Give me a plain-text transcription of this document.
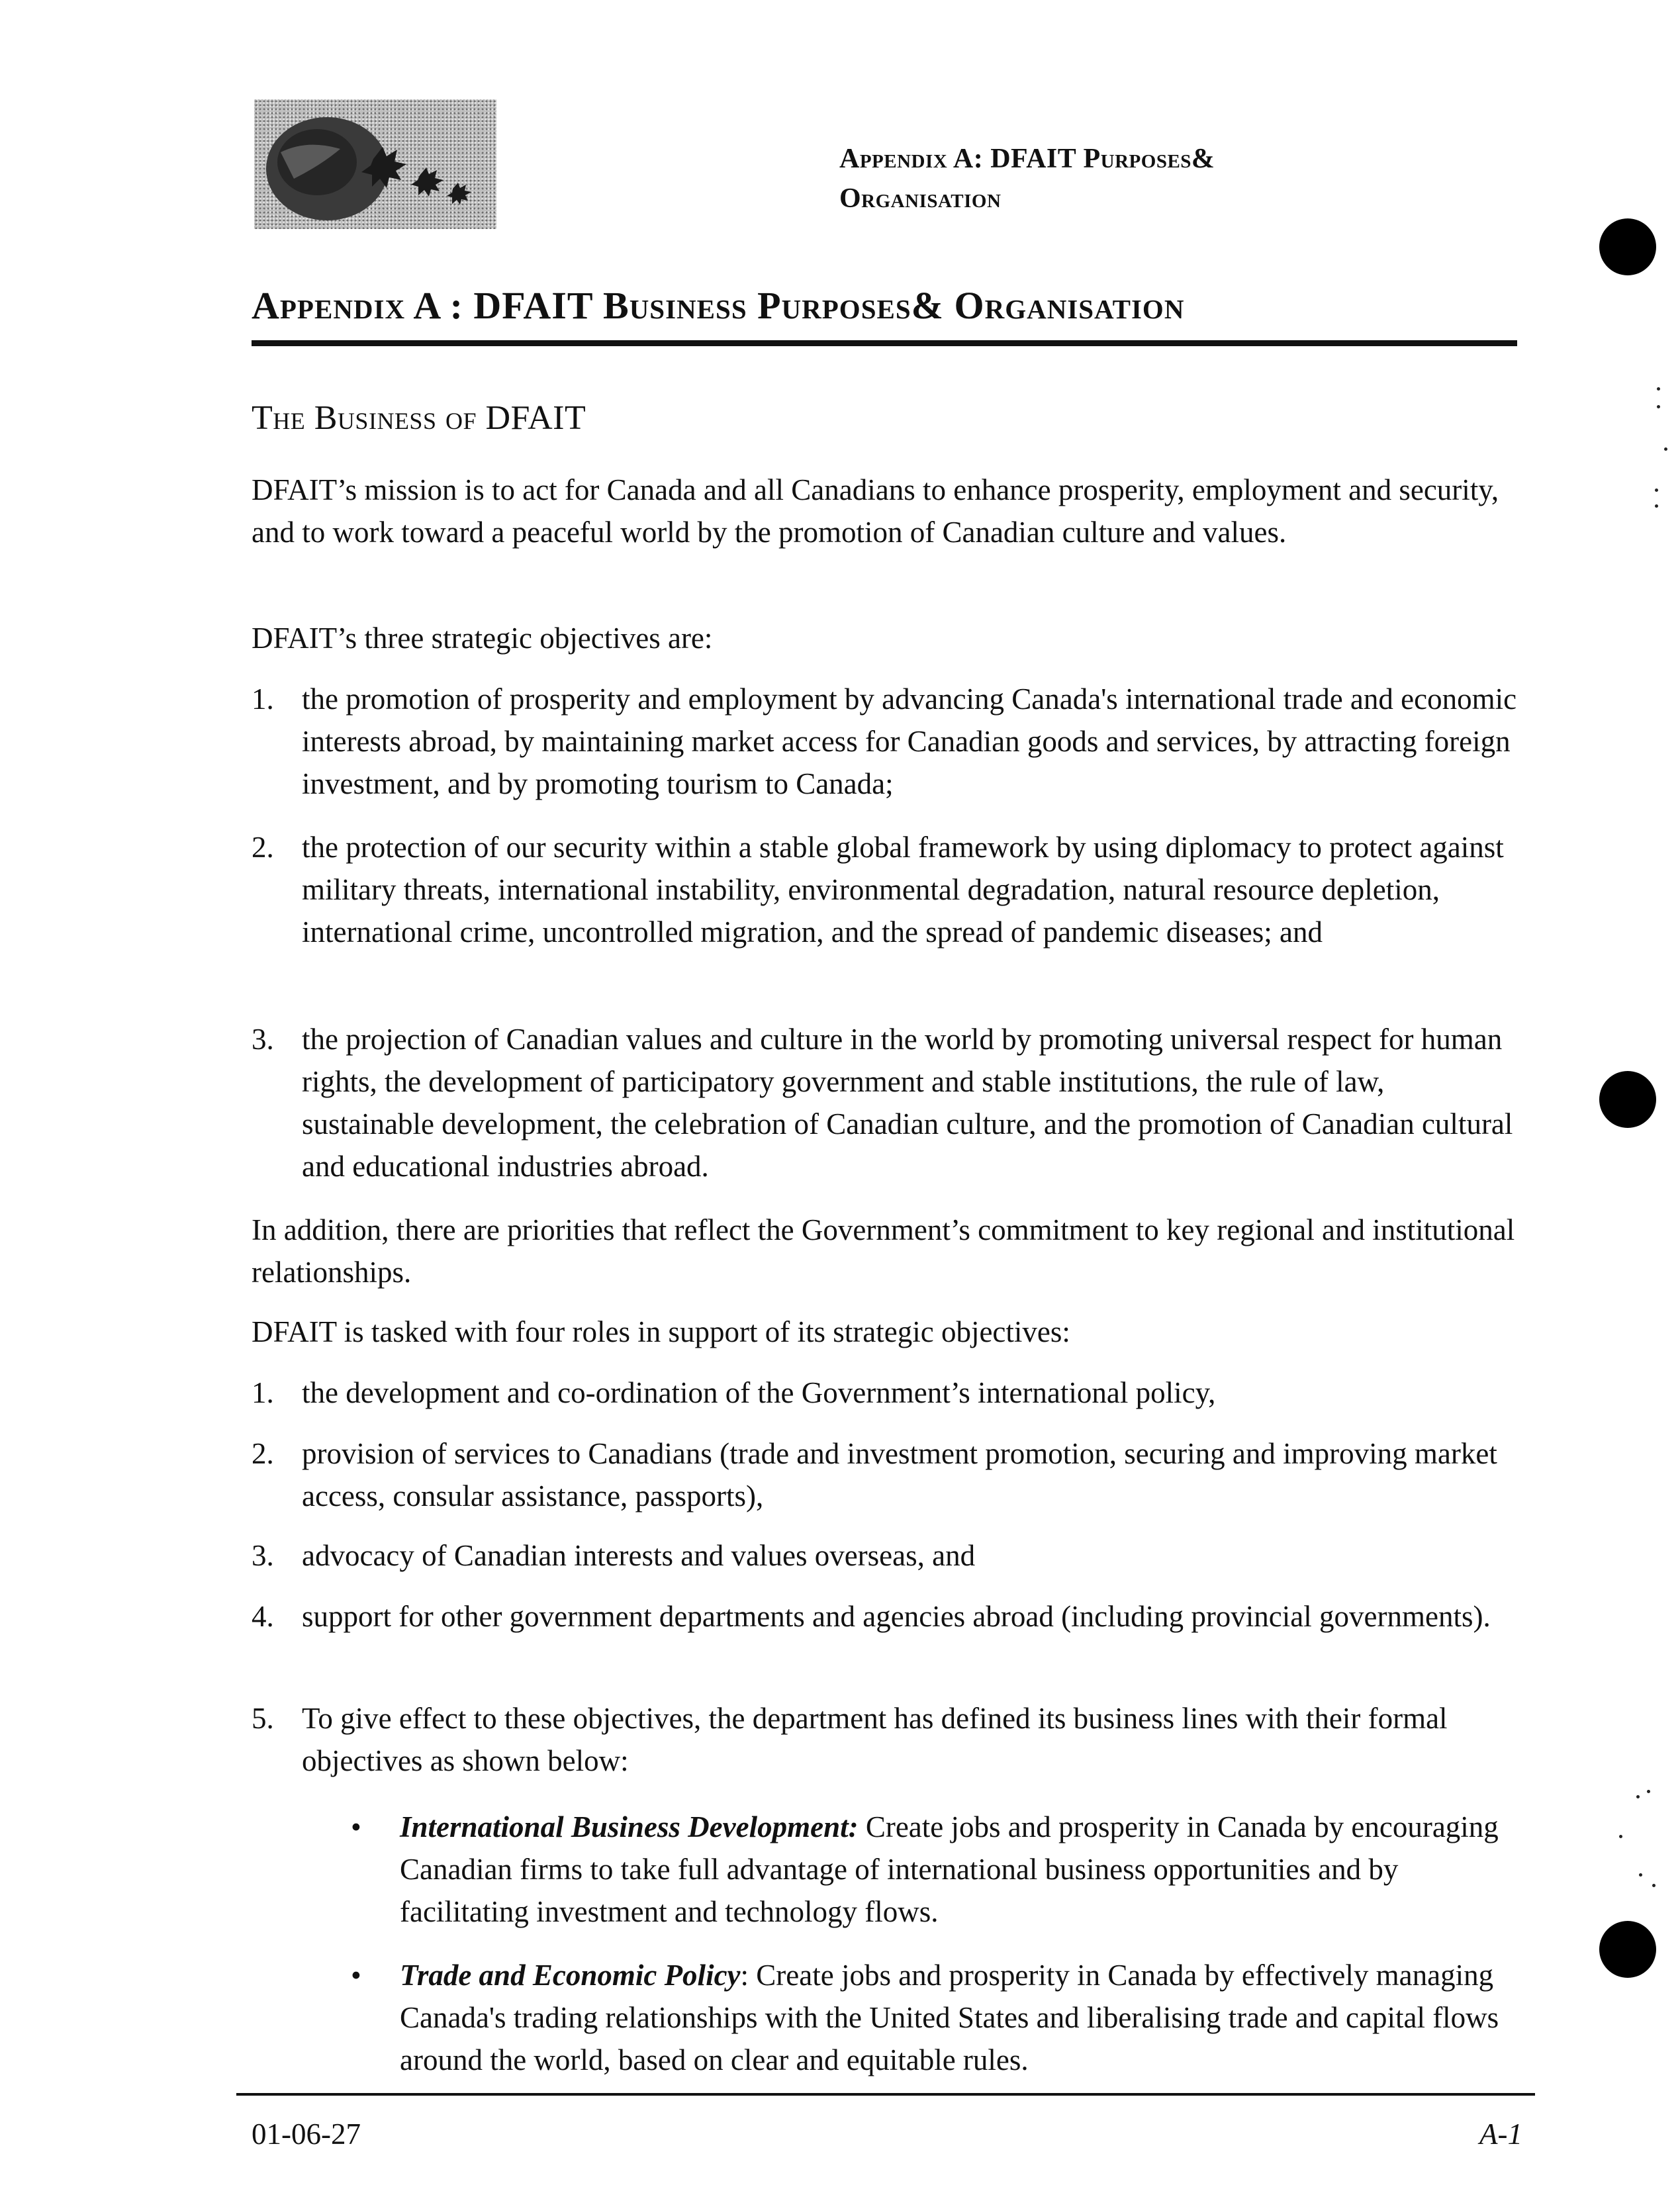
Appendix A: DFAIT Purposes&
Organisation
Appendix A : DFAIT Business Purposes& Organisation
The Business of DFAIT

DFAIT’s mission is to act for Canada and all Canadians to enhance prosperity, employment and security, and to work toward a peaceful world by the promotion of Canadian culture and values.

DFAIT’s three strategic objectives are:

1. the promotion of prosperity and employment by advancing Canada's international trade and economic interests abroad, by maintaining market access for Canadian goods and services, by attracting foreign investment, and by promoting tourism to Canada;
2. the protection of our security within a stable global framework by using diplomacy to protect against military threats, international instability, environmental degradation, natural resource depletion, international crime, uncontrolled migration, and the spread of pandemic diseases; and
3. the projection of Canadian values and culture in the world by promoting universal respect for human rights, the development of participatory government and stable institutions, the rule of law, sustainable development, the celebration of Canadian culture, and the promotion of Canadian cultural and educational industries abroad.

In addition, there are priorities that reflect the Government’s commitment to key regional and institutional relationships.

DFAIT is tasked with four roles in support of its strategic objectives:

1. the development and co-ordination of the Government’s international policy,
2. provision of services to Canadians (trade and investment promotion, securing and improving market access, consular assistance, passports),
3. advocacy of Canadian interests and values overseas, and
4. support for other government departments and agencies abroad (including provincial governments).
5. To give effect to these objectives, the department has defined its business lines with their formal objectives as shown below:
• International Business Development: Create jobs and prosperity in Canada by encouraging Canadian firms to take full advantage of international business opportunities and by facilitating investment and technology flows.
• Trade and Economic Policy: Create jobs and prosperity in Canada by effectively managing Canada's trading relationships with the United States and liberalising trade and capital flows around the world, based on clear and equitable rules.
01-06-27	A-1
